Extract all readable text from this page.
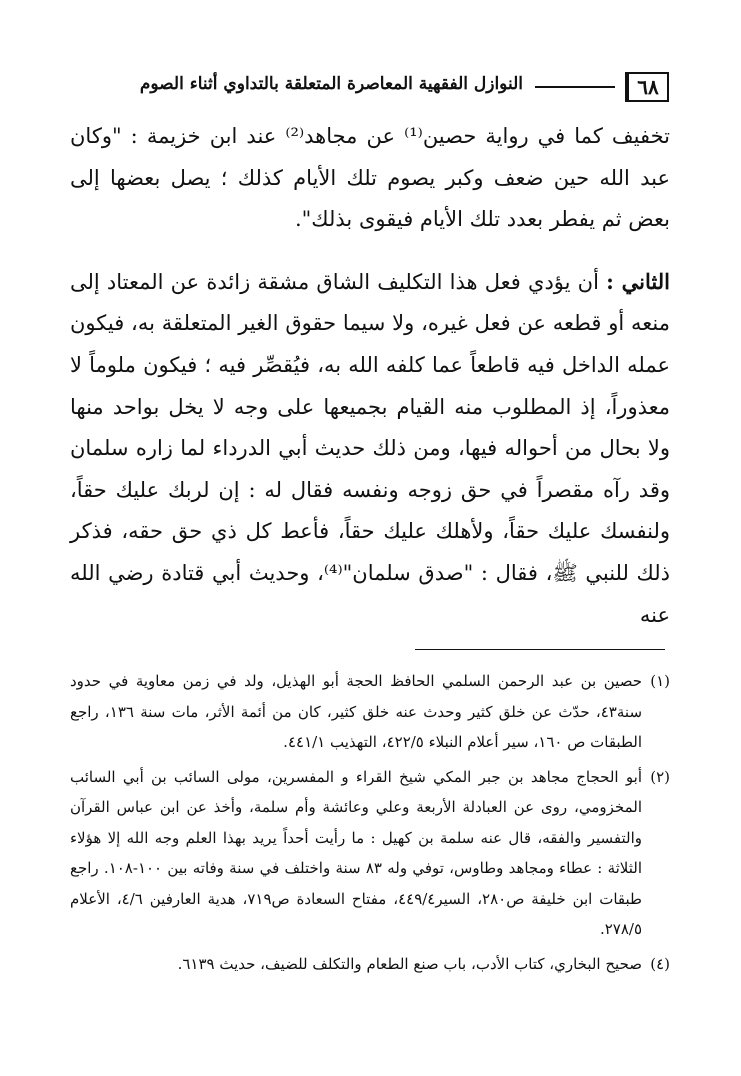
٦٨
النوازل الفقهية المعاصرة المتعلقة بالتداوي أثناء الصوم

تخفيف كما في رواية حصين⁽¹⁾ عن مجاهد⁽²⁾ عند ابن خزيمة : "وكان عبد الله حين ضعف وكبر يصوم تلك الأيام كذلك ؛ يصل بعضها إلى بعض ثم يفطر بعدد تلك الأيام فيقوى بذلك".

الثاني : أن يؤدي فعل هذا التكليف الشاق مشقة زائدة عن المعتاد إلى منعه أو قطعه عن فعل غيره، ولا سيما حقوق الغير المتعلقة به، فيكون عمله الداخل فيه قاطعاً عما كلفه الله به، فيُقصِّر فيه ؛ فيكون ملوماً لا معذوراً، إذ المطلوب منه القيام بجميعها على وجه لا يخل بواحد منها ولا بحال من أحواله فيها، ومن ذلك حديث أبي الدرداء لما زاره سلمان وقد رآه مقصراً في حق زوجه ونفسه فقال له : إن لربك عليك حقاً، ولنفسك عليك حقاً، ولأهلك عليك حقاً، فأعط كل ذي حق حقه، فذكر ذلك للنبي ﷺ، فقال : "صدق سلمان"⁽⁴⁾، وحديث أبي قتادة رضي الله عنه

(١)
حصين بن عبد الرحمن السلمي الحافظ الحجة أبو الهذيل، ولد في زمن معاوية في حدود سنة٤٣، حدّث عن خلق كثير وحدث عنه خلق كثير، كان من أئمة الأثر، مات سنة ١٣٦، راجع الطبقات ص ١٦٠، سير أعلام النبلاء ٤٢٢/٥، التهذيب ٤٤١/١.
(٢)
أبو الحجاج مجاهد بن جبر المكي شيخ القراء و المفسرين، مولى السائب بن أبي السائب المخزومي، روى عن العبادلة الأربعة وعلي وعائشة وأم سلمة، وأخذ عن ابن عباس القرآن والتفسير والفقه، قال عنه سلمة بن كهيل : ما رأيت أحداً يريد بهذا العلم وجه الله إلا هؤلاء الثلاثة : عطاء ومجاهد وطاوس، توفي وله ٨٣ سنة واختلف في سنة وفاته بين ١٠٠-١٠٨. راجع طبقات ابن خليفة ص٢٨٠، السير٤٤٩/٤، مفتاح السعادة ص٧١٩، هدية العارفين ٤/٦، الأعلام ٢٧٨/٥.
(٤)
صحيح البخاري، كتاب الأدب، باب صنع الطعام والتكلف للضيف، حديث ٦١٣٩.
